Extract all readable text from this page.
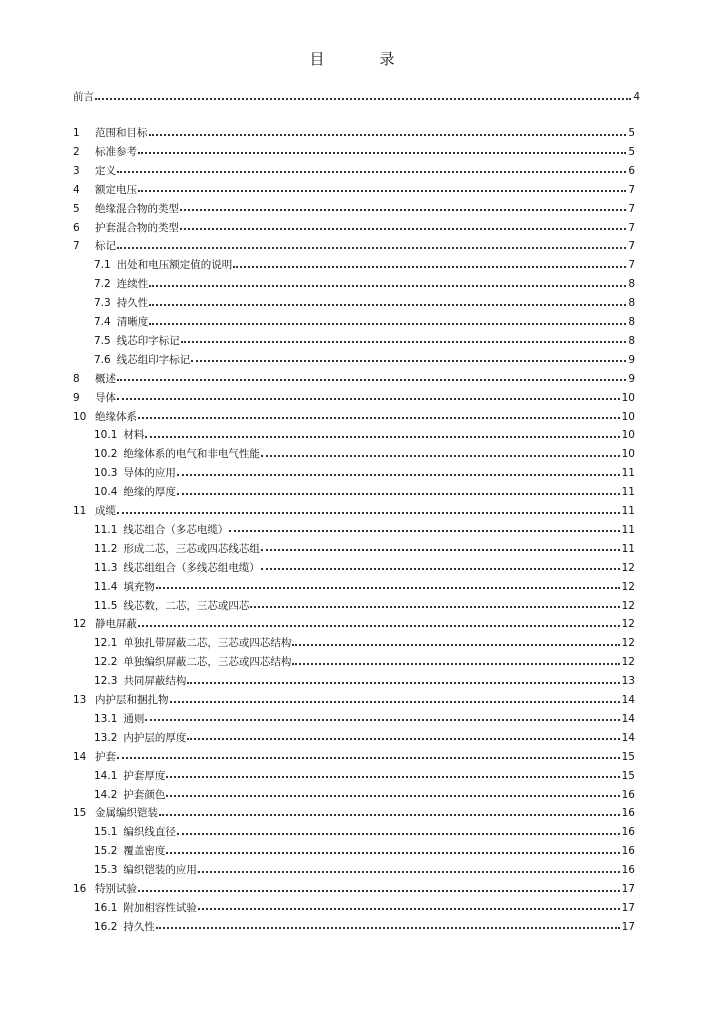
目　录
前言	4
1	范围和目标	5
2	标准参考	5
3	定义	6
4	额定电压	7
5	绝缘混合物的类型	7
6	护套混合物的类型	7
7	标记	7
7.1 出处和电压额定值的说明	7
7.2 连续性	8
7.3 持久性	8
7.4 清晰度	8
7.5 线芯印字标记	8
7.6 线芯组印字标记	9
8	概述	9
9	导体	10
10 绝缘体系	10
10.1 材料	10
10.2 绝缘体系的电气和非电气性能	10
10.3 导体的应用	11
10.4 绝缘的厚度	11
11 成缆	11
11.1 线芯组合（多芯电缆）	11
11.2 形成二芯，三芯或四芯线芯组	11
11.3 线芯组组合（多线芯组电缆）	12
11.4 填充物	12
11.5 线芯数，二芯，三芯或四芯	12
12 静电屏蔽	12
12.1 单独扎带屏蔽二芯，三芯或四芯结构	12
12.2 单独编织屏蔽二芯，三芯或四芯结构	12
12.3 共同屏蔽结构	13
13 内护层和捆扎物	14
13.1 通则	14
13.2 内护层的厚度	14
14 护套	15
14.1 护套厚度	15
14.2 护套颜色	16
15 金属编织铠装	16
15.1 编织线直径	16
15.2 覆盖密度	16
15.3 编织铠装的应用	16
16 特别试验	17
16.1 附加相容性试验	17
16.2 持久性	17
